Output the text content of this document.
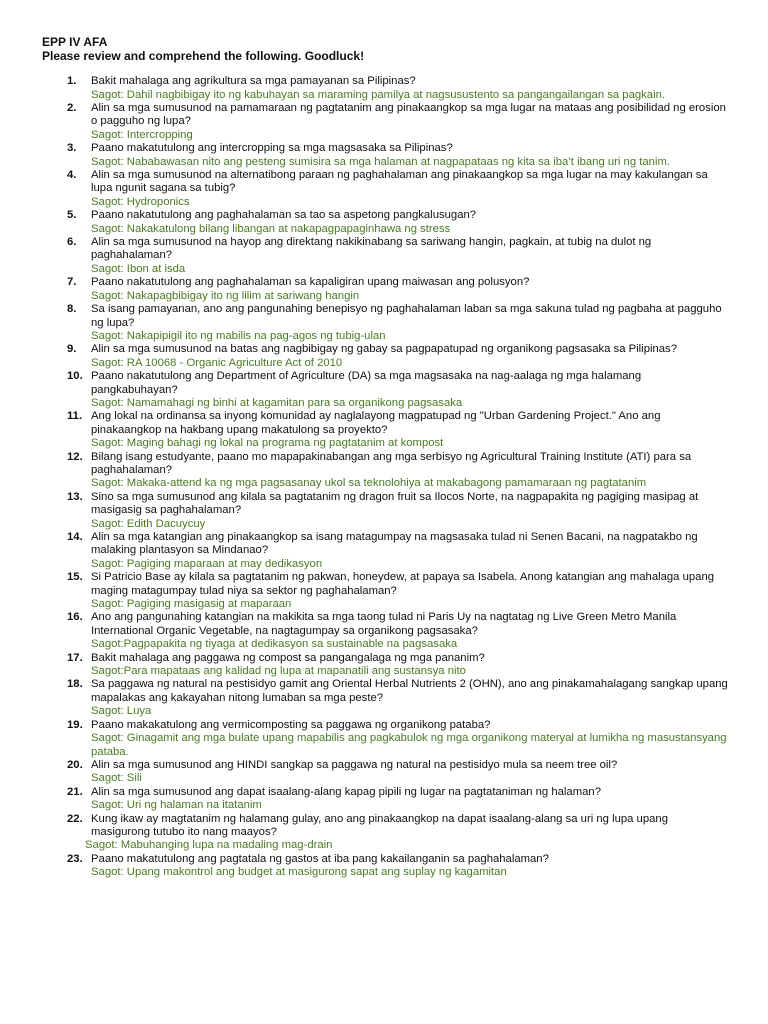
EPP IV AFA

Please review and comprehend the following. Goodluck!

1. Bakit mahalaga ang agrikultura sa mga pamayanan sa Pilipinas?
Sagot: Dahil nagbibigay ito ng kabuhayan sa maraming pamilya at nagsusustento sa pangangailangan sa pagkain.
2. Alin sa mga sumusunod na pamamaraan ng pagtatanim ang pinakaangkop sa mga lugar na mataas ang posibilidad ng erosion o pagguho ng lupa?
Sagot: Intercropping
3. Paano makatutulong ang intercropping sa mga magsasaka sa Pilipinas?
Sagot: Nababawasan nito ang pesteng sumisira sa mga halaman at nagpapataas ng kita sa iba’t ibang uri ng tanim.
4. Alin sa mga sumusunod na alternatibong paraan ng paghahalaman ang pinakaangkop sa mga lugar na may kakulangan sa lupa ngunit sagana sa tubig?
Sagot: Hydroponics
5. Paano nakatutulong ang paghahalaman sa tao sa aspetong pangkalusugan?
Sagot: Nakakatulong bilang libangan at nakapagpapaginhawa ng stress
6. Alin sa mga sumusunod na hayop ang direktang nakikinabang sa sariwang hangin, pagkain, at tubig na dulot ng paghahalaman?
Sagot: Ibon at isda
7. Paano nakatutulong ang paghahalaman sa kapaligiran upang maiwasan ang polusyon?
Sagot: Nakapagbibigay ito ng lilim at sariwang hangin
8. Sa isang pamayanan, ano ang pangunahing benepisyo ng paghahalaman laban sa mga sakuna tulad ng pagbaha at pagguho ng lupa?
Sagot: Nakapipigil ito ng mabilis na pag-agos ng tubig-ulan
9. Alin sa mga sumusunod na batas ang nagbibigay ng gabay sa pagpapatupad ng organikong pagsasaka sa Pilipinas?
Sagot: RA 10068 - Organic Agriculture Act of 2010
10. Paano nakatutulong ang Department of Agriculture (DA) sa mga magsasaka na nag-aalaga ng mga halamang pangkabuhayan?
Sagot: Namamahagi ng binhi at kagamitan para sa organikong pagsasaka
11. Ang lokal na ordinansa sa inyong komunidad ay naglalayong magpatupad ng "Urban Gardening Project." Ano ang pinakaangkop na hakbang upang makatulong sa proyekto?
Sagot: Maging bahagi ng lokal na programa ng pagtatanim at kompost
12. Bilang isang estudyante, paano mo mapapakinabangan ang mga serbisyo ng Agricultural Training Institute (ATI) para sa paghahalaman?
Sagot: Makaka-attend ka ng mga pagsasanay ukol sa teknolohiya at makabagong pamamaraan ng pagtatanim
13. Sino sa mga sumusunod ang kilala sa pagtatanim ng dragon fruit sa Ilocos Norte, na nagpapakita ng pagiging masipag at masigasig sa paghahalaman?
Sagot: Edith Dacuycuy
14. Alin sa mga katangian ang pinakaangkop sa isang matagumpay na magsasaka tulad ni Senen Bacani, na nagpatakbo ng malaking plantasyon sa Mindanao?
Sagot: Pagiging maparaan at may dedikasyon
15. Si Patricio Base ay kilala sa pagtatanim ng pakwan, honeydew, at papaya sa Isabela. Anong katangian ang mahalaga upang maging matagumpay tulad niya sa sektor ng paghahalaman?
Sagot: Pagiging masigasig at maparaan
16. Ano ang pangunahing katangian na makikita sa mga taong tulad ni Paris Uy na nagtatag ng Live Green Metro Manila International Organic Vegetable, na nagtagumpay sa organikong pagsasaka?
Sagot:Pagpapakita ng tiyaga at dedikasyon sa sustainable na pagsasaka
17. Bakit mahalaga ang paggawa ng compost sa pangangalaga ng mga pananim?
Sagot:Para mapataas ang kalidad ng lupa at mapanatili ang sustansya nito
18. Sa paggawa ng natural na pestisidyo gamit ang Oriental Herbal Nutrients 2 (OHN), ano ang pinakamahalagang sangkap upang mapalakas ang kakayahan nitong lumaban sa mga peste?
Sagot: Luya
19. Paano makakatulong ang vermicomposting sa paggawa ng organikong pataba?
Sagot: Ginagamit ang mga bulate upang mapabilis ang pagkabulok ng mga organikong materyal at lumikha ng masustansyang pataba.
20. Alin sa mga sumusunod ang HINDI sangkap sa paggawa ng natural na pestisidyo mula sa neem tree oil?
Sagot: Sili
21. Alin sa mga sumusunod ang dapat isaalang-alang kapag pipili ng lugar na pagtataniman ng halaman?
Sagot: Uri ng halaman na itatanim
22. Kung ikaw ay magtatanim ng halamang gulay, ano ang pinakaangkop na dapat isaalang-alang sa uri ng lupa upang masigurong tutubo ito nang maayos?
Sagot: Mabuhanging lupa na madaling mag-drain
23. Paano makatutulong ang pagtatala ng gastos at iba pang kakailanganin sa paghahalaman?
Sagot: Upang makontrol ang budget at masigurong sapat ang suplay ng kagamitan
